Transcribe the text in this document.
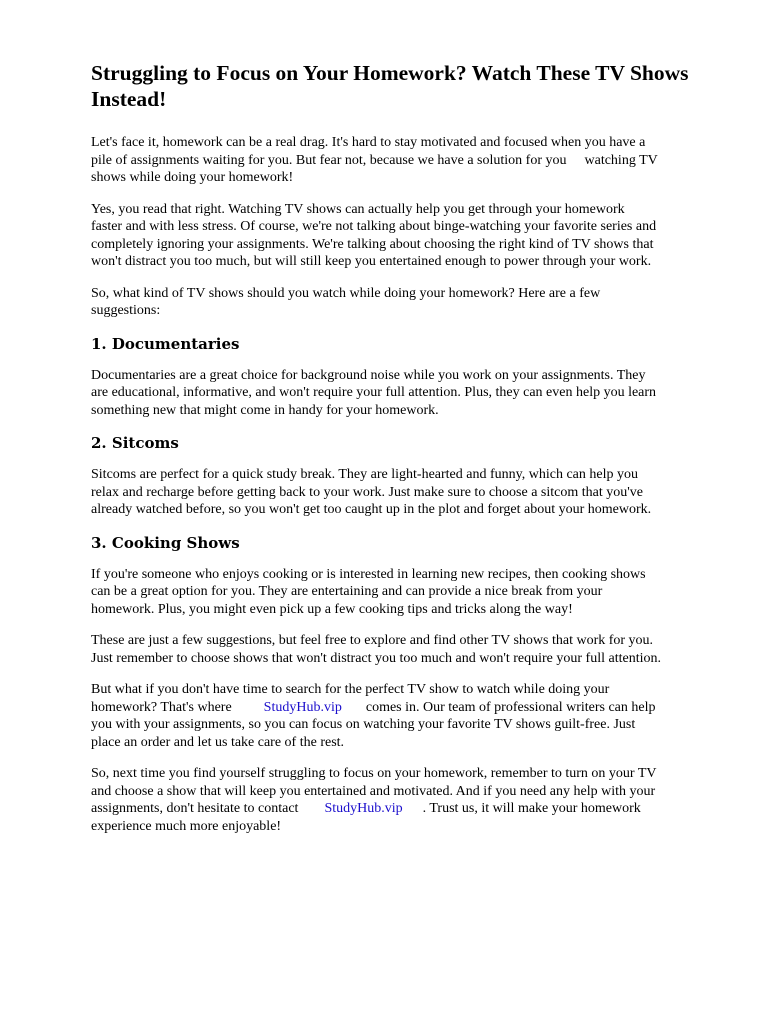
Struggling to Focus on Your Homework? Watch These TV Shows Instead!

Let's face it, homework can be a real drag. It's hard to stay motivated and focused when you have a
pile of assignments waiting for you. But fear not, because we have a solution for you watching TV
shows while doing your homework!

Yes, you read that right. Watching TV shows can actually help you get through your homework
faster and with less stress. Of course, we're not talking about binge-watching your favorite series and
completely ignoring your assignments. We're talking about choosing the right kind of TV shows that
won't distract you too much, but will still keep you entertained enough to power through your work.

So, what kind of TV shows should you watch while doing your homework? Here are a few
suggestions:

1. Documentaries

Documentaries are a great choice for background noise while you work on your assignments. They
are educational, informative, and won't require your full attention. Plus, they can even help you learn
something new that might come in handy for your homework.

2. Sitcoms

Sitcoms are perfect for a quick study break. They are light-hearted and funny, which can help you
relax and recharge before getting back to your work. Just make sure to choose a sitcom that you've
already watched before, so you won't get too caught up in the plot and forget about your homework.

3. Cooking Shows

If you're someone who enjoys cooking or is interested in learning new recipes, then cooking shows
can be a great option for you. They are entertaining and can provide a nice break from your
homework. Plus, you might even pick up a few cooking tips and tricks along the way!

These are just a few suggestions, but feel free to explore and find other TV shows that work for you.
Just remember to choose shows that won't distract you too much and won't require your full attention.

But what if you don't have time to search for the perfect TV show to watch while doing your
homework? That's where StudyHub.vip comes in. Our team of professional writers can help
you with your assignments, so you can focus on watching your favorite TV shows guilt-free. Just
place an order and let us take care of the rest.

So, next time you find yourself struggling to focus on your homework, remember to turn on your TV
and choose a show that will keep you entertained and motivated. And if you need any help with your
assignments, don't hesitate to contact StudyHub.vip . Trust us, it will make your homework
experience much more enjoyable!
